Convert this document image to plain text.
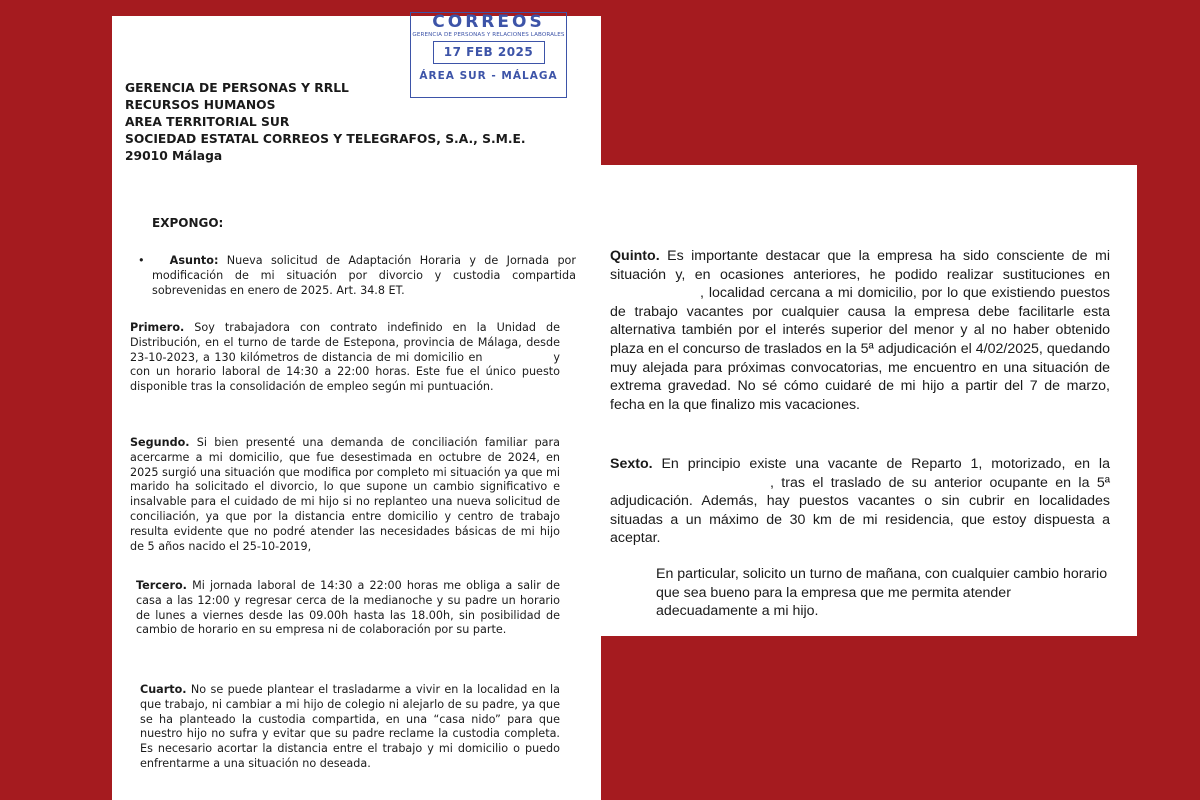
CORREOS
GERENCIA DE PERSONAS Y RELACIONES LABORALES
17 FEB 2025
ÁREA SUR - MÁLAGA
GERENCIA DE PERSONAS Y RRLL
RECURSOS HUMANOS
AREA TERRITORIAL SUR
SOCIEDAD ESTATAL CORREOS Y TELEGRAFOS, S.A., S.M.E.
29010 Málaga
EXPONGO:
•   Asunto: Nueva solicitud de Adaptación Horaria y de Jornada por modificación de mi situación por divorcio y custodia compartida sobrevenidas en enero de 2025. Art. 34.8 ET.
Primero. Soy trabajadora con contrato indefinido en la Unidad de Distribución, en el turno de tarde de Estepona, provincia de Málaga, desde 23-10-2023, a 130 kilómetros de distancia de mi domicilio en	y con un horario laboral de 14:30 a 22:00 horas. Este fue el único puesto disponible tras la consolidación de empleo según mi puntuación.
Segundo. Si bien presenté una demanda de conciliación familiar para acercarme a mi domicilio, que fue desestimada en octubre de 2024, en 2025 surgió una situación que modifica por completo mi situación ya que mi marido ha solicitado el divorcio, lo que supone un cambio significativo e insalvable para el cuidado de mi hijo si no replanteo una nueva solicitud de conciliación, ya que por la distancia entre domicilio y centro de trabajo resulta evidente que no podré atender las necesidades básicas de mi hijo de 5 años nacido el 25-10-2019,
Tercero. Mi jornada laboral de 14:30 a 22:00 horas me obliga a salir de casa a las 12:00 y regresar cerca de la medianoche y su padre un horario de lunes a viernes desde las 09.00h hasta las 18.00h, sin posibilidad de cambio de horario en su empresa ni de colaboración por su parte.
Cuarto. No se puede plantear el trasladarme a vivir en la localidad en la que trabajo, ni cambiar a mi hijo de colegio ni alejarlo de su padre, ya que se ha planteado la custodia compartida, en una “casa nido” para que nuestro hijo no sufra y evitar que su padre reclame la custodia completa. Es necesario acortar la distancia entre el trabajo y mi domicilio o puedo enfrentarme a una situación no deseada.
Quinto. Es importante destacar que la empresa ha sido consciente de mi situación y, en ocasiones anteriores, he podido realizar sustituciones en , localidad cercana a mi domicilio, por lo que existiendo puestos de trabajo vacantes por cualquier causa la empresa debe facilitarle esta alternativa también por el interés superior del menor y al no haber obtenido plaza en el concurso de traslados en la 5ª adjudicación el 4/02/2025, quedando muy alejada para próximas convocatorias, me encuentro en una situación de extrema gravedad. No sé cómo cuidaré de mi hijo a partir del 7 de marzo, fecha en la que finalizo mis vacaciones.
Sexto. En principio existe una vacante de Reparto 1, motorizado, en la , tras el traslado de su anterior ocupante en la 5ª adjudicación. Además, hay puestos vacantes o sin cubrir en localidades situadas a un máximo de 30 km de mi residencia, que estoy dispuesta a aceptar.
En particular, solicito un turno de mañana, con cualquier cambio horario que sea bueno para la empresa que me permita atender adecuadamente a mi hijo.
